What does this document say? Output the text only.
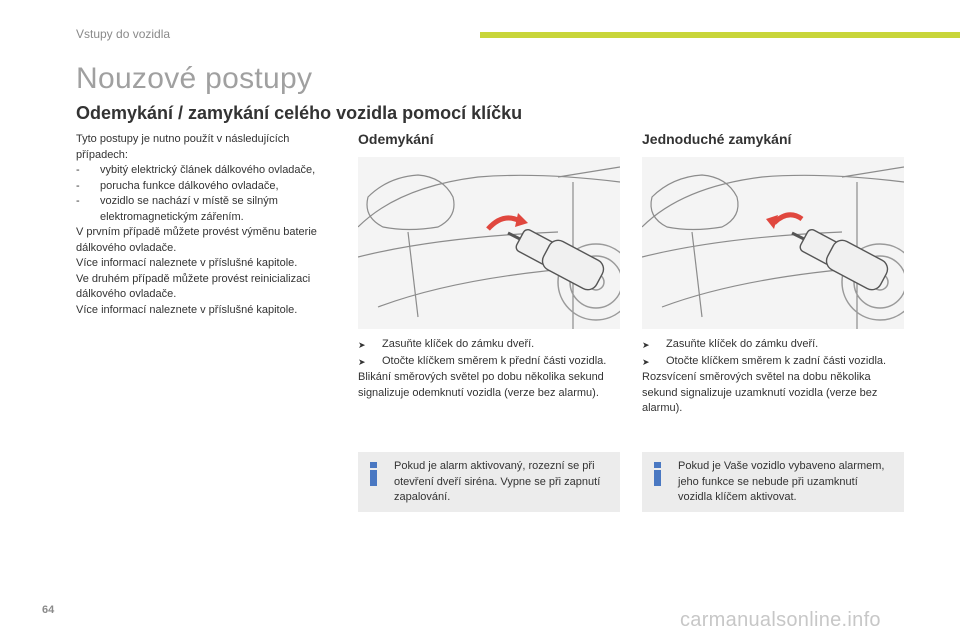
Vstupy do vozidla
Nouzové postupy
Odemykání / zamykání celého vozidla pomocí klíčku
Tyto postupy je nutno použít v následujících případech:
-	vybitý elektrický článek dálkového ovladače,
-	porucha funkce dálkového ovladače,
-	vozidlo se nachází v místě se silným elektromagnetickým zářením.
V prvním případě můžete provést výměnu baterie dálkového ovladače.
Více informací naleznete v příslušné kapitole.
Ve druhém případě můžete provést reinicializaci dálkového ovladače.
Více informací naleznete v příslušné kapitole.
Odemykání
➤	Zasuňte klíček do zámku dveří.
➤	Otočte klíčkem směrem k přední části vozidla.
Blikání směrových světel po dobu několika sekund signalizuje odemknutí vozidla (verze bez alarmu).
Pokud je alarm aktivovaný, rozezní se při otevření dveří siréna. Vypne se při zapnutí zapalování.
Jednoduché zamykání
➤	Zasuňte klíček do zámku dveří.
➤	Otočte klíčkem směrem k zadní části vozidla.
Rozsvícení směrových světel na dobu několika sekund signalizuje uzamknutí vozidla (verze bez alarmu).
Pokud je Vaše vozidlo vybaveno alarmem, jeho funkce se nebude při uzamknutí vozidla klíčem aktivovat.
64	carmanualsonline.info
